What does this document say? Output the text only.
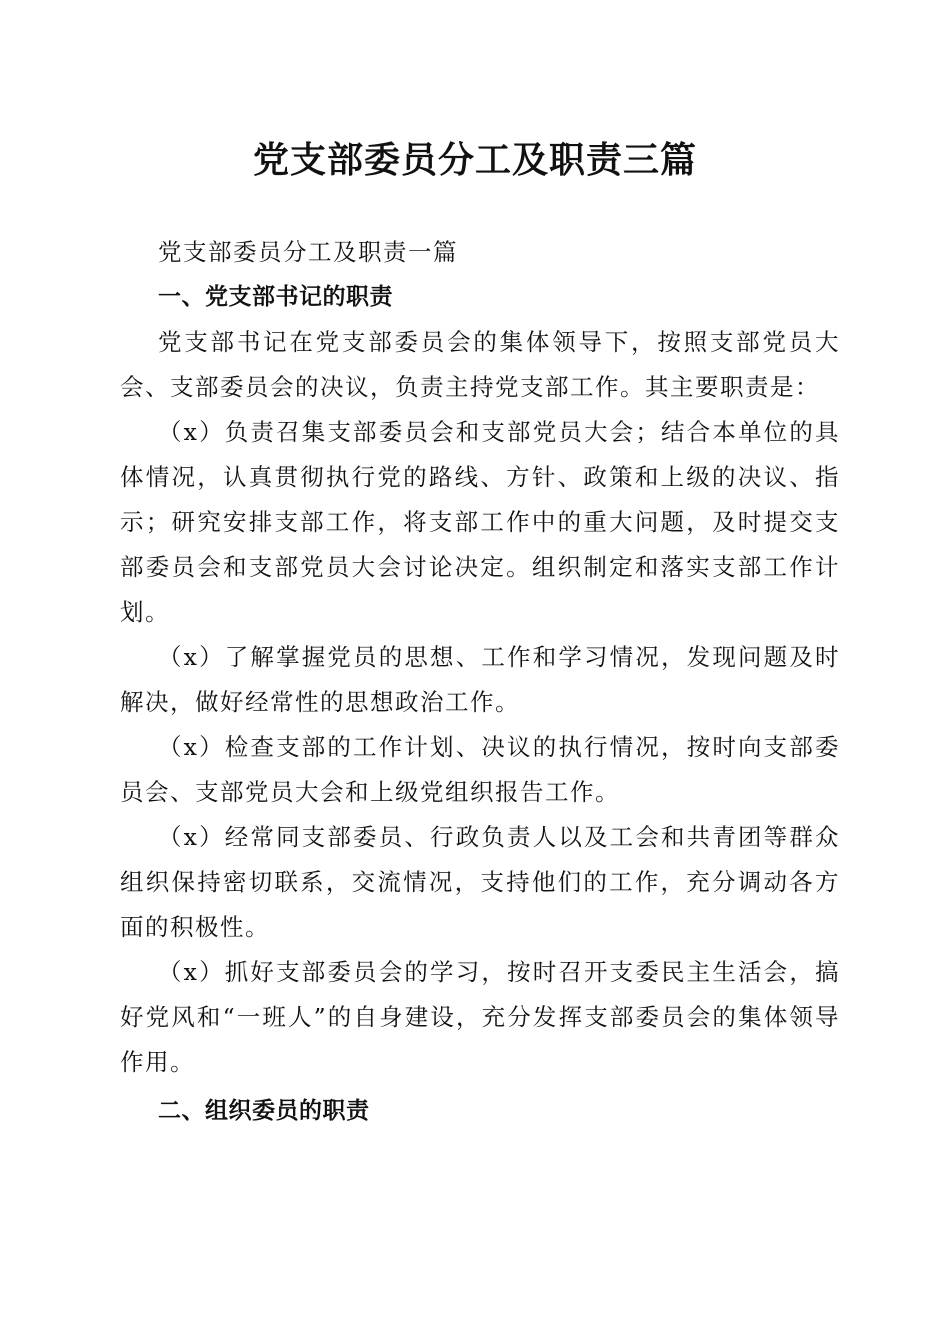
党支部委员分工及职责三篇

党支部委员分工及职责一篇

一、党支部书记的职责

党支部书记在党支部委员会的集体领导下，按照支部党员大会、支部委员会的决议，负责主持党支部工作。其主要职责是：

（x）负责召集支部委员会和支部党员大会；结合本单位的具体情况，认真贯彻执行党的路线、方针、政策和上级的决议、指示；研究安排支部工作，将支部工作中的重大问题，及时提交支部委员会和支部党员大会讨论决定。组织制定和落实支部工作计划。

（x）了解掌握党员的思想、工作和学习情况，发现问题及时解决，做好经常性的思想政治工作。

（x）检查支部的工作计划、决议的执行情况，按时向支部委员会、支部党员大会和上级党组织报告工作。

（x）经常同支部委员、行政负责人以及工会和共青团等群众组织保持密切联系，交流情况，支持他们的工作，充分调动各方面的积极性。

（x）抓好支部委员会的学习，按时召开支委民主生活会，搞好党风和“一班人”的自身建设，充分发挥支部委员会的集体领导作用。

二、组织委员的职责
